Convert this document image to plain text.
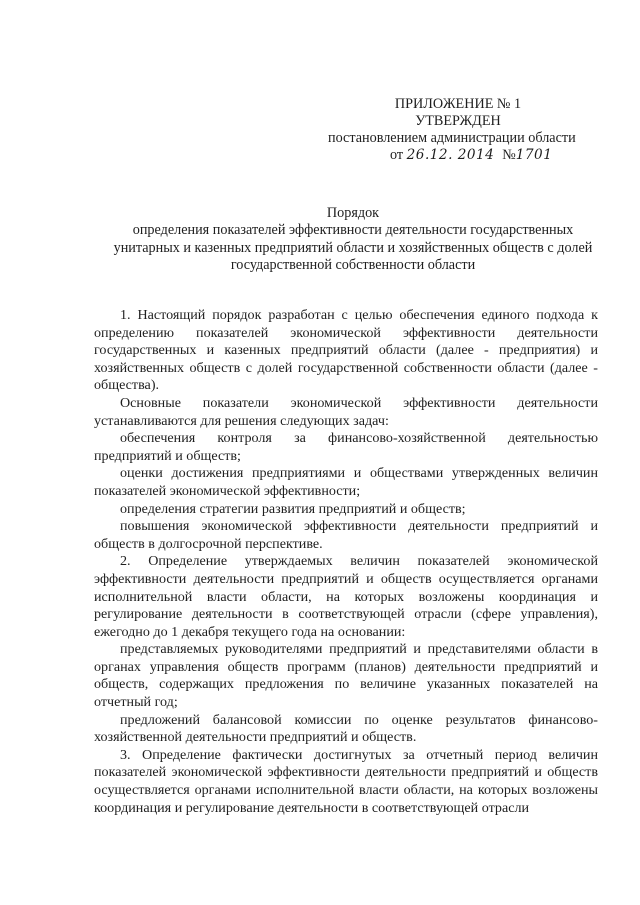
ПРИЛОЖЕНИЕ № 1
УТВЕРЖДЕН
постановлением администрации области
от 26.12. 2014 №1701
Порядок
определения показателей эффективности деятельности государственных унитарных и казенных предприятий области и хозяйственных обществ с долей государственной собственности области

1. Настоящий порядок разработан с целью обеспечения единого подхода к определению показателей экономической эффективности деятельности государственных и казенных предприятий области (далее - предприятия) и хозяйственных обществ с долей государственной собственности области (далее - общества).

Основные показатели экономической эффективности деятельности устанавливаются для решения следующих задач:

обеспечения контроля за финансово-хозяйственной деятельностью предприятий и обществ;

оценки достижения предприятиями и обществами утвержденных величин показателей экономической эффективности;

определения стратегии развития предприятий и обществ;

повышения экономической эффективности деятельности предприятий и обществ в долгосрочной перспективе.

2. Определение утверждаемых величин показателей экономической эффективности деятельности предприятий и обществ осуществляется органами исполнительной власти области, на которых возложены координация и регулирование деятельности в соответствующей отрасли (сфере управления), ежегодно до 1 декабря текущего года на основании:

представляемых руководителями предприятий и представителями области в органах управления обществ программ (планов) деятельности предприятий и обществ, содержащих предложения по величине указанных показателей на отчетный год;

предложений балансовой комиссии по оценке результатов финансово-хозяйственной деятельности предприятий и обществ.

3. Определение фактически достигнутых за отчетный период величин показателей экономической эффективности деятельности предприятий и обществ осуществляется органами исполнительной власти области, на которых возложены координация и регулирование деятельности в соответствующей отрасли
